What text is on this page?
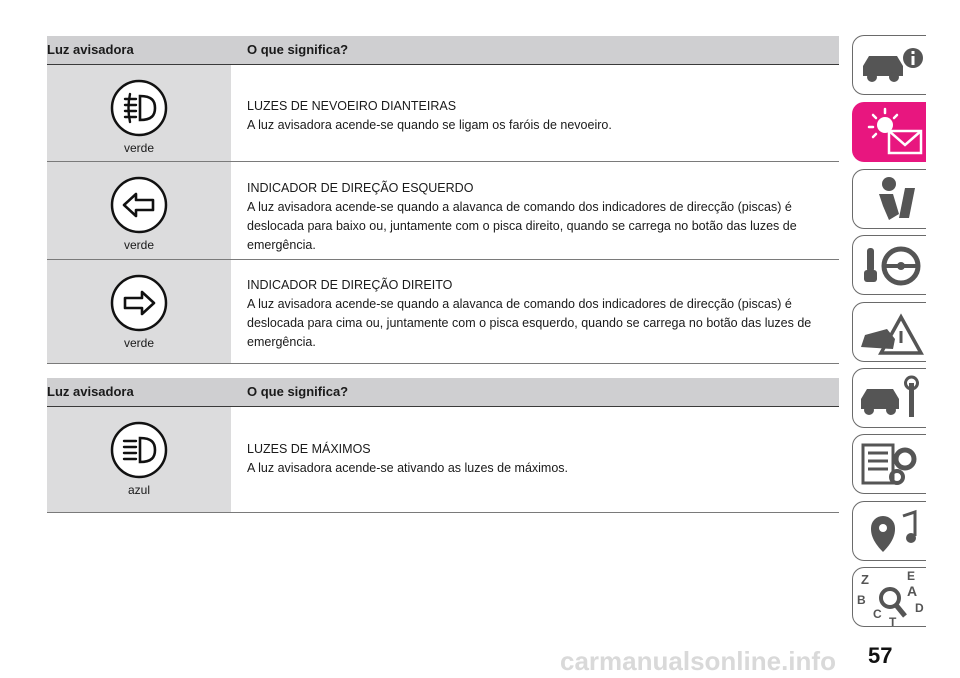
Luz avisadora	O que significa?
verde
LUZES DE NEVOEIRO DIANTEIRAS
A luz avisadora acende-se quando se ligam os faróis de nevoeiro.
verde
INDICADOR DE DIREÇÃO ESQUERDO
A luz avisadora acende-se quando a alavanca de comando dos indicadores de direcção (piscas) é
deslocada para baixo ou, juntamente com o pisca direito, quando se carrega no botão das luzes de
emergência.
verde
INDICADOR DE DIREÇÃO DIREITO
A luz avisadora acende-se quando a alavanca de comando dos indicadores de direcção (piscas) é
deslocada para cima ou, juntamente com o pisca esquerdo, quando se carrega no botão das luzes de
emergência.
Luz avisadora	O que significa?
azul
LUZES DE MÁXIMOS
A luz avisadora acende-se ativando as luzes de máximos.
Z	E
A
B
C	D
T
carmanualsonline.info 57
